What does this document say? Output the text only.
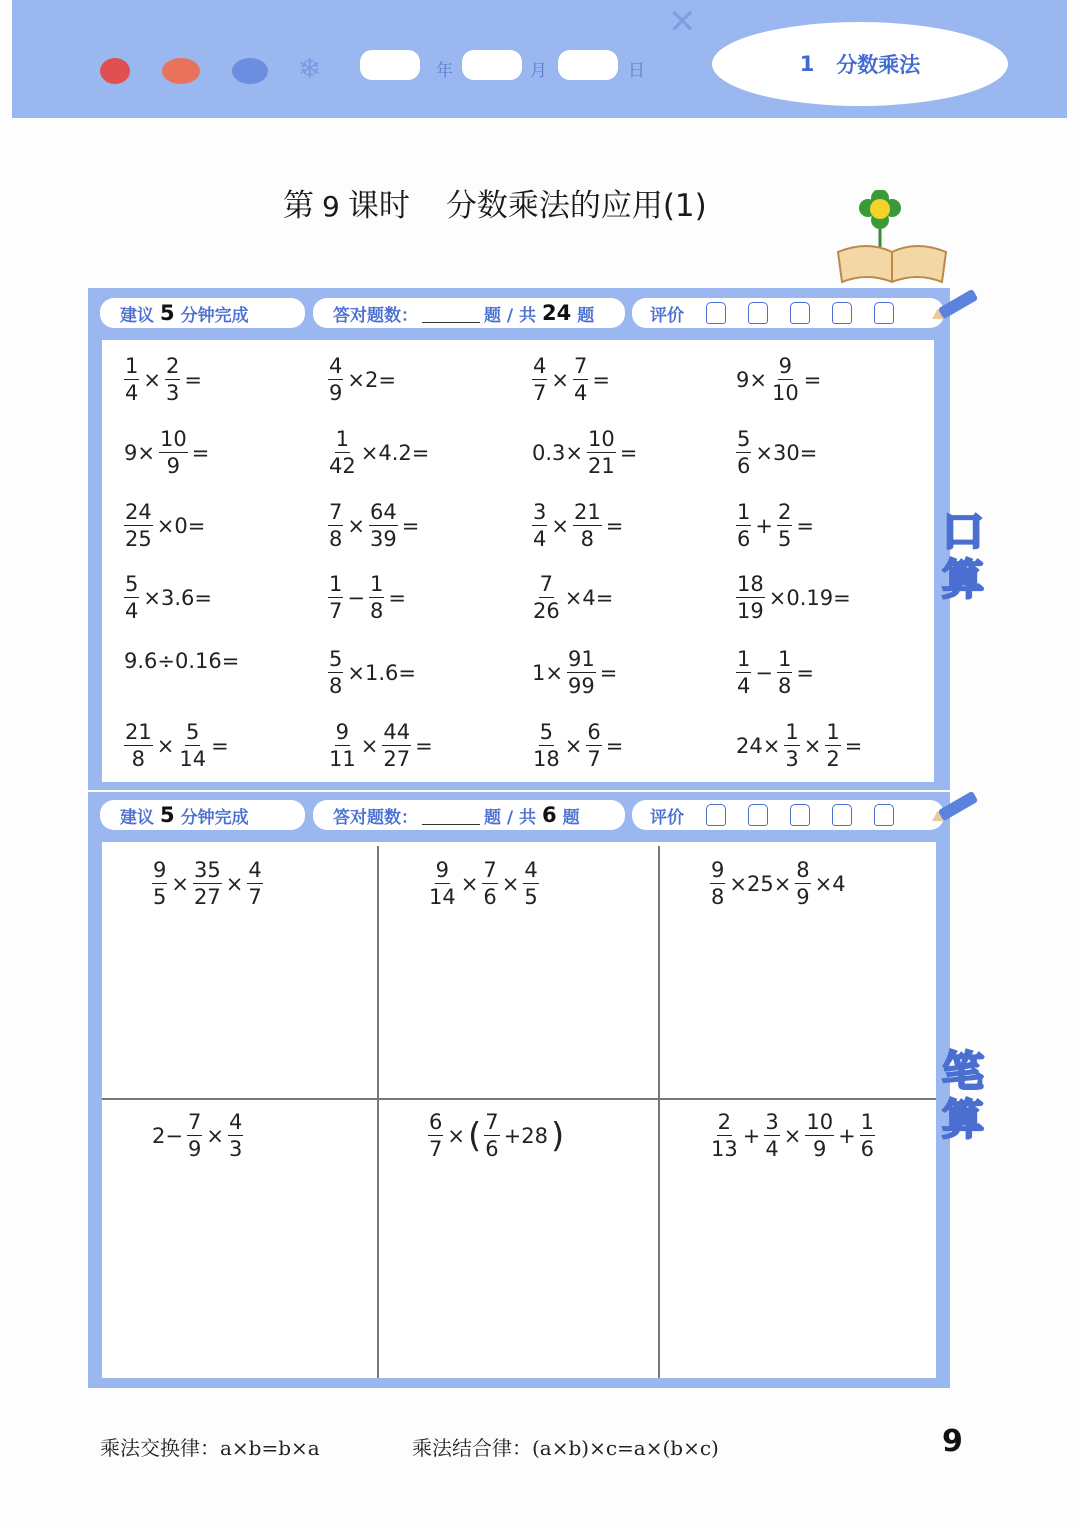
❄	年	月	日
✕
1 分数乘法
第 9 课时 分数乘法的应用(1)
建议 5 分钟完成	答对题数：	题 / 共 24 题	评价
$\frac{1}{4} \times \frac{2}{3}$ =	$\frac{4}{9} \times 2=$	$\frac{4}{7} \times \frac{7}{4}$ =	$9\times \frac{9}{10}$ =
$9\times \frac{10}{9}$ =	$\frac{1}{42} \times 4.2=$	$0.3\times \frac{10}{21}$ =	$\frac{5}{6} \times 30=$
$\frac{24}{25} \times 0=$	$\frac{7}{8} \times \frac{64}{39}$ =	$\frac{3}{4} \times \frac{21}{8}$ =	$\frac{1}{6} + \frac{2}{5}$ =
$\frac{5}{4} \times 3.6=$	$\frac{1}{7} - \frac{1}{8}$ =	$\frac{7}{26} \times 4=$	$\frac{18}{19} \times 0.19=$
9.6÷0.16=	$\frac{5}{8} \times 1.6=$	$1\times \frac{91}{99}$ =	$\frac{1}{4} - \frac{1}{8}$ =
$\frac{21}{8} \times \frac{5}{14}$ =	$\frac{9}{11} \times \frac{44}{27}$ =	$\frac{5}{18} \times \frac{6}{7}$ =	$24\times \frac{1}{3} \times \frac{1}{2}$ =
口
算
建议 5 分钟完成	答对题数：	题 / 共 6 题	评价
$\frac{9}{5} \times \frac{35}{27} \times \frac{4}{7}$	$\frac{9}{14} \times \frac{7}{6} \times \frac{4}{5}$	$\frac{9}{8} \times 25\times \frac{8}{9} \times 4$
$2- \frac{7}{9} \times \frac{4}{3}$	$\frac{6}{7}$ × ( $\frac{7}{6} +28$ )	$\frac{2}{13} + \frac{3}{4} \times \frac{10}{9} + \frac{1}{6}$
笔
算
乘法交换律：a×b=b×a	乘法结合律：(a×b)×c=a×(b×c)	9
